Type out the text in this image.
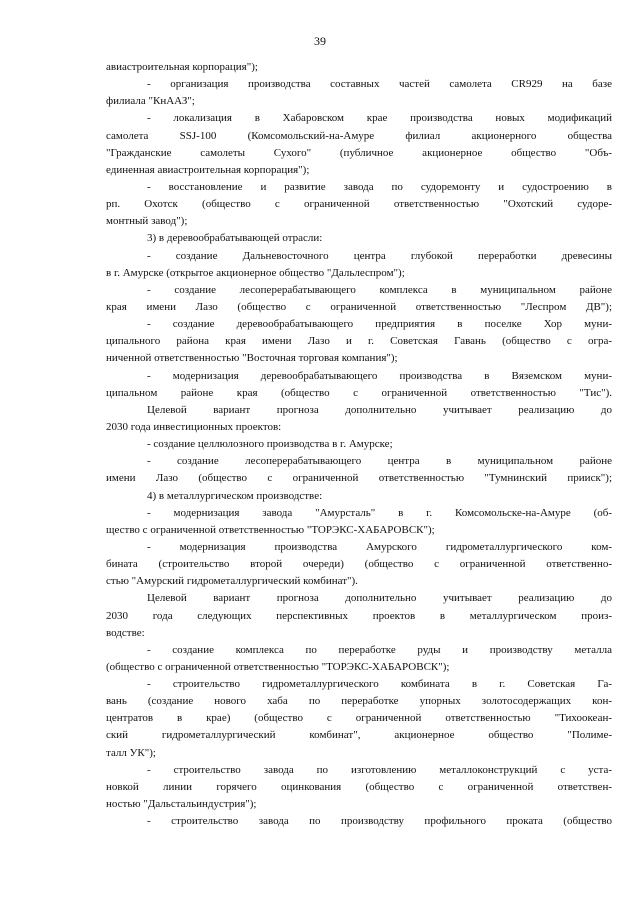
39
авиастроительная корпорация");
- организация производства составных частей самолета CR929 на базе
филиала "КнААЗ";
- локализация в Хабаровском крае производства новых модификаций
самолета SSJ-100 (Комсомольский-на-Амуре филиал акционерного общества
"Гражданские самолеты Сухого" (публичное акционерное общество "Объ-
единенная авиастроительная корпорация");
- восстановление и развитие завода по судоремонту и судостроению в
рп. Охотск (общество с ограниченной ответственностью "Охотский судоре-
монтный завод");
3) в деревообрабатывающей отрасли:
- создание Дальневосточного центра глубокой переработки древесины
в г. Амурске (открытое акционерное общество "Дальлеспром");
- создание лесоперерабатывающего комплекса в муниципальном районе
края имени Лазо (общество с ограниченной ответственностью "Леспром ДВ");
- создание деревообрабатывающего предприятия в поселке Хор муни-
ципального района края имени Лазо и г. Советская Гавань (общество с огра-
ниченной ответственностью "Восточная торговая компания");
- модернизация деревообрабатывающего производства в Вяземском муни-
ципальном районе края (общество с ограниченной ответственностью "Тис").
Целевой вариант прогноза дополнительно учитывает реализацию до
2030 года инвестиционных проектов:
- создание целлюлозного производства в г. Амурске;
- создание лесоперерабатывающего центра в муниципальном районе
имени Лазо (общество с ограниченной ответственностью "Тумнинский прииск");
4) в металлургическом производстве:
- модернизация завода "Амурсталь" в г. Комсомольске-на-Амуре (об-
щество с ограниченной ответственностью "ТОРЭКС-ХАБАРОВСК");
- модернизация производства Амурского гидрометаллургического ком-
бината (строительство второй очереди) (общество с ограниченной ответственно-
стью "Амурский гидрометаллургический комбинат").
Целевой вариант прогноза дополнительно учитывает реализацию до
2030 года следующих перспективных проектов в металлургическом произ-
водстве:
- создание комплекса по переработке руды и производству металла
(общество с ограниченной ответственностью "ТОРЭКС-ХАБАРОВСК");
- строительство гидрометаллургического комбината в г. Советская Га-
вань (создание нового хаба по переработке упорных золотосодержащих кон-
центратов в крае) (общество с ограниченной ответственностью "Тихоокеан-
ский гидрометаллургический комбинат", акционерное общество "Полиме-
талл УК");
- строительство завода по изготовлению металлоконструкций с уста-
новкой линии горячего оцинкования (общество с ограниченной ответствен-
ностью "Дальстальиндустрия");
- строительство завода по производству профильного проката (общество
